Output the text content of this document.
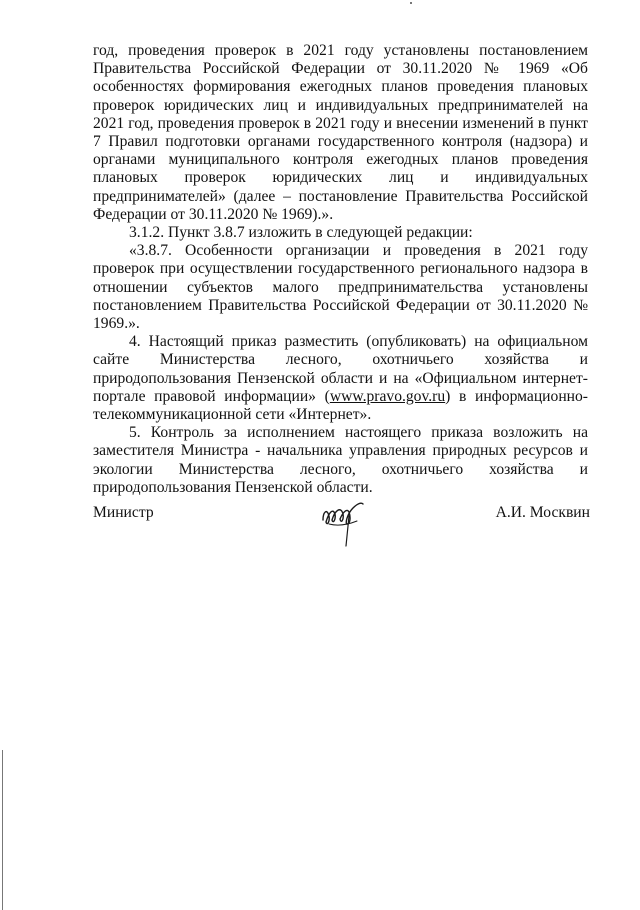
год, проведения проверок в 2021 году установлены постановлением Правительства Российской Федерации от 30.11.2020 № 1969 «Об особенностях формирования ежегодных планов проведения плановых проверок юридических лиц и индивидуальных предпринимателей на 2021 год, проведения проверок в 2021 году и внесении изменений в пункт 7 Правил подготовки органами государственного контроля (надзора) и органами муниципального контроля ежегодных планов проведения плановых проверок юридических лиц и индивидуальных предпринимателей» (далее – постановление Правительства Российской Федерации от 30.11.2020 № 1969).».

3.1.2. Пункт 3.8.7 изложить в следующей редакции:

«3.8.7. Особенности организации и проведения в 2021 году проверок при осуществлении государственного регионального надзора в отношении субъектов малого предпринимательства установлены постановлением Правительства Российской Федерации от 30.11.2020 № 1969.».

4. Настоящий приказ разместить (опубликовать) на официальном сайте Министерства лесного, охотничьего хозяйства и природопользования Пензенской области и на «Официальном интернет-портале правовой информации» (www.pravo.gov.ru) в информационно-телекоммуникационной сети «Интернет».

5. Контроль за исполнением настоящего приказа возложить на заместителя Министра - начальника управления природных ресурсов и экологии Министерства лесного, охотничьего хозяйства и природопользования Пензенской области.

Министр	А.И. Москвин
